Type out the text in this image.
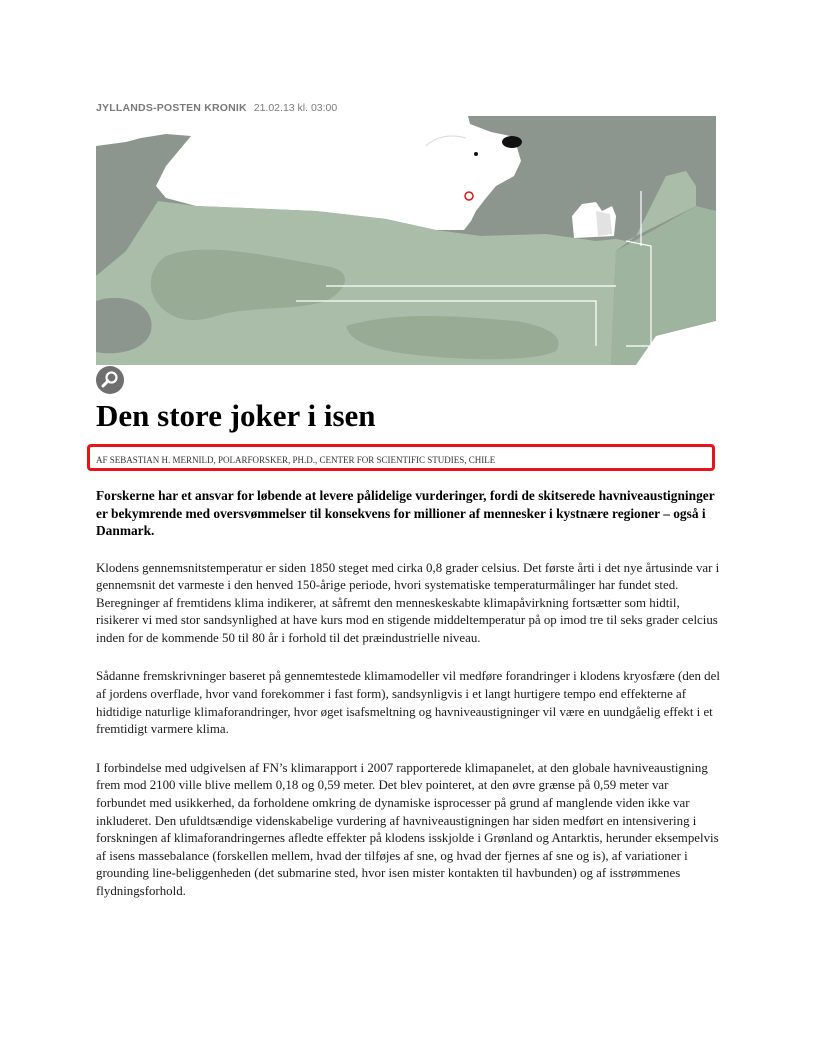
JYLLANDS-POSTEN KRONIK 21.02.13 kl. 03:00
Den store joker i isen
AF SEBASTIAN H. MERNILD, POLARFORSKER, PH.D., CENTER FOR SCIENTIFIC STUDIES, CHILE

Forskerne har et ansvar for løbende at levere pålidelige vurderinger, fordi de skitserede havniveaustigninger er bekymrende med oversvømmelser til konsekvens for millioner af mennesker i kystnære regioner – også i Danmark.

Klodens gennemsnitstemperatur er siden 1850 steget med cirka 0,8 grader celsius. Det første årti i det nye årtusinde var i gennemsnit det varmeste i den henved 150-årige periode, hvori systematiske temperaturmålinger har fundet sted. Beregninger af fremtidens klima indikerer, at såfremt den menneskeskabte klimapåvirkning fortsætter som hidtil, risikerer vi med stor sandsynlighed at have kurs mod en stigende middeltemperatur på op imod tre til seks grader celcius inden for de kommende 50 til 80 år i forhold til det præindustrielle niveau.

Sådanne fremskrivninger baseret på gennemtestede klimamodeller vil medføre forandringer i klodens kryosfære (den del af jordens overflade, hvor vand forekommer i fast form), sandsynligvis i et langt hurtigere tempo end effekterne af hidtidige naturlige klimaforandringer, hvor øget isafsmeltning og havniveaustigninger vil være en uundgåelig effekt i et fremtidigt varmere klima.

I forbindelse med udgivelsen af FN’s klimarapport i 2007 rapporterede klimapanelet, at den globale havniveaustigning frem mod 2100 ville blive mellem 0,18 og 0,59 meter. Det blev pointeret, at den øvre grænse på 0,59 meter var forbundet med usikkerhed, da forholdene omkring de dynamiske isprocesser på grund af manglende viden ikke var inkluderet. Den ufuldtsændige videnskabelige vurdering af havniveaustigningen har siden medført en intensivering i forskningen af klimaforandringernes afledte effekter på klodens isskjolde i Grønland og Antarktis, herunder eksempelvis af isens massebalance (forskellen mellem, hvad der tilføjes af sne, og hvad der fjernes af sne og is), af variationer i grounding line-beliggenheden (det submarine sted, hvor isen mister kontakten til havbunden) og af isstrømmenes flydningsforhold.
